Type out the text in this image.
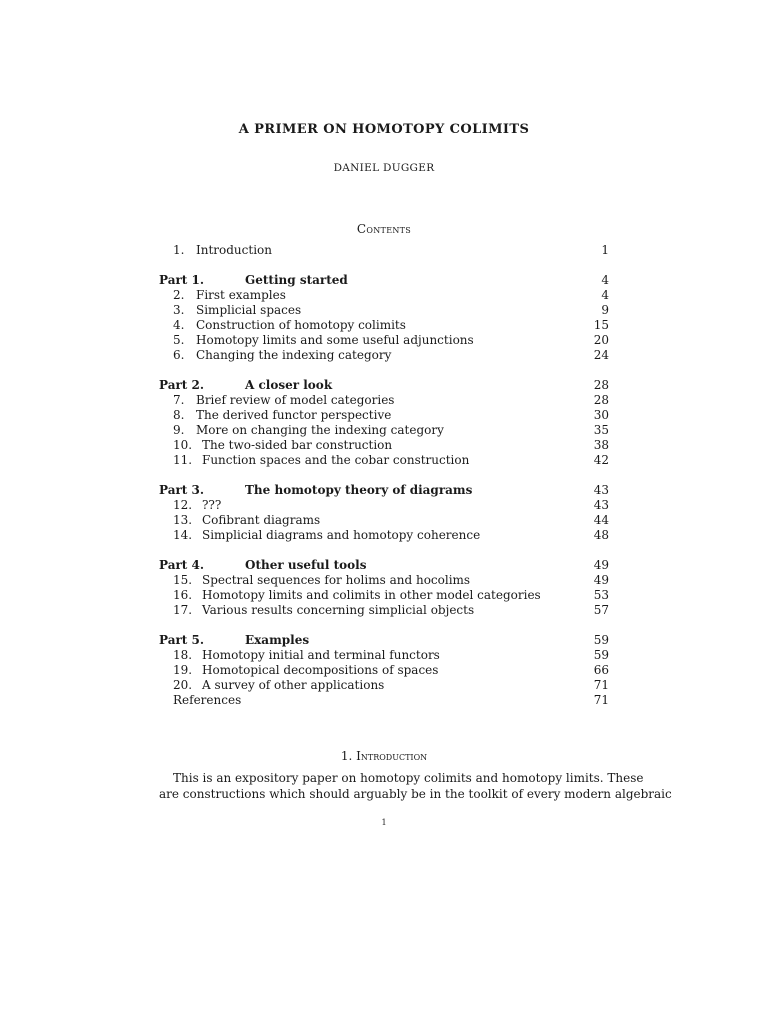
A PRIMER ON HOMOTOPY COLIMITS
DANIEL DUGGER
Contents
1. Introduction	1
Part 1.	Getting started	4
2. First examples	4
3. Simplicial spaces	9
4. Construction of homotopy colimits	15
5. Homotopy limits and some useful adjunctions	20
6. Changing the indexing category	24
Part 2.	A closer look	28
7. Brief review of model categories	28
8. The derived functor perspective	30
9. More on changing the indexing category	35
10. The two-sided bar construction	38
11. Function spaces and the cobar construction	42
Part 3.	The homotopy theory of diagrams	43
12. ???	43
13. Cofibrant diagrams	44
14. Simplicial diagrams and homotopy coherence	48
Part 4.	Other useful tools	49
15. Spectral sequences for holims and hocolims	49
16. Homotopy limits and colimits in other model categories	53
17. Various results concerning simplicial objects	57
Part 5.	Examples	59
18. Homotopy initial and terminal functors	59
19. Homotopical decompositions of spaces	66
20. A survey of other applications	71
References	71
1. Introduction
This is an expository paper on homotopy colimits and homotopy limits. These
are constructions which should arguably be in the toolkit of every modern algebraic
1
